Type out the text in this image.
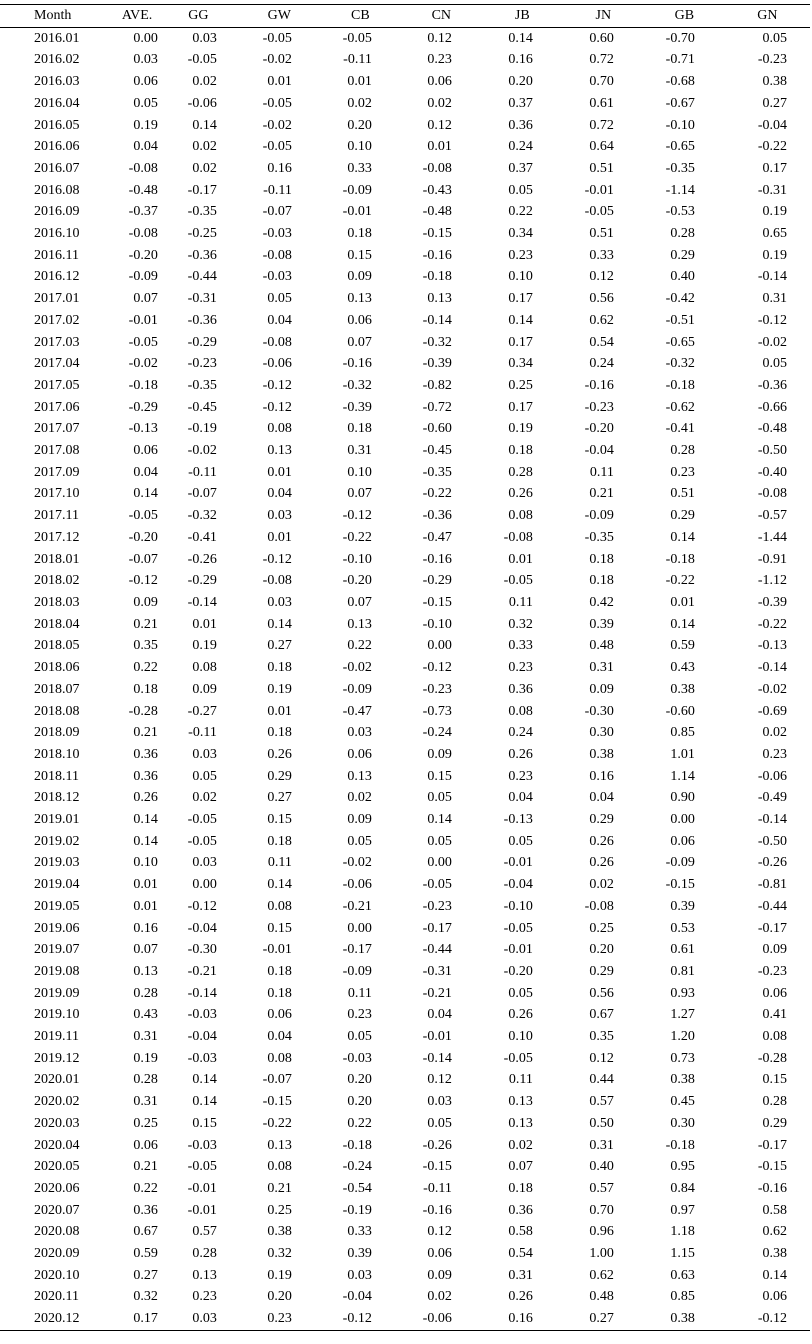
Month	AVE.	GG	GW	CB	CN	JB	JN	GB	GN
2016.01	0.00	0.03	-0.05	-0.05	0.12	0.14	0.60	-0.70	0.05
2016.02	0.03	-0.05	-0.02	-0.11	0.23	0.16	0.72	-0.71	-0.23
2016.03	0.06	0.02	0.01	0.01	0.06	0.20	0.70	-0.68	0.38
2016.04	0.05	-0.06	-0.05	0.02	0.02	0.37	0.61	-0.67	0.27
2016.05	0.19	0.14	-0.02	0.20	0.12	0.36	0.72	-0.10	-0.04
2016.06	0.04	0.02	-0.05	0.10	0.01	0.24	0.64	-0.65	-0.22
2016.07	-0.08	0.02	0.16	0.33	-0.08	0.37	0.51	-0.35	0.17
2016.08	-0.48	-0.17	-0.11	-0.09	-0.43	0.05	-0.01	-1.14	-0.31
2016.09	-0.37	-0.35	-0.07	-0.01	-0.48	0.22	-0.05	-0.53	0.19
2016.10	-0.08	-0.25	-0.03	0.18	-0.15	0.34	0.51	0.28	0.65
2016.11	-0.20	-0.36	-0.08	0.15	-0.16	0.23	0.33	0.29	0.19
2016.12	-0.09	-0.44	-0.03	0.09	-0.18	0.10	0.12	0.40	-0.14
2017.01	0.07	-0.31	0.05	0.13	0.13	0.17	0.56	-0.42	0.31
2017.02	-0.01	-0.36	0.04	0.06	-0.14	0.14	0.62	-0.51	-0.12
2017.03	-0.05	-0.29	-0.08	0.07	-0.32	0.17	0.54	-0.65	-0.02
2017.04	-0.02	-0.23	-0.06	-0.16	-0.39	0.34	0.24	-0.32	0.05
2017.05	-0.18	-0.35	-0.12	-0.32	-0.82	0.25	-0.16	-0.18	-0.36
2017.06	-0.29	-0.45	-0.12	-0.39	-0.72	0.17	-0.23	-0.62	-0.66
2017.07	-0.13	-0.19	0.08	0.18	-0.60	0.19	-0.20	-0.41	-0.48
2017.08	0.06	-0.02	0.13	0.31	-0.45	0.18	-0.04	0.28	-0.50
2017.09	0.04	-0.11	0.01	0.10	-0.35	0.28	0.11	0.23	-0.40
2017.10	0.14	-0.07	0.04	0.07	-0.22	0.26	0.21	0.51	-0.08
2017.11	-0.05	-0.32	0.03	-0.12	-0.36	0.08	-0.09	0.29	-0.57
2017.12	-0.20	-0.41	0.01	-0.22	-0.47	-0.08	-0.35	0.14	-1.44
2018.01	-0.07	-0.26	-0.12	-0.10	-0.16	0.01	0.18	-0.18	-0.91
2018.02	-0.12	-0.29	-0.08	-0.20	-0.29	-0.05	0.18	-0.22	-1.12
2018.03	0.09	-0.14	0.03	0.07	-0.15	0.11	0.42	0.01	-0.39
2018.04	0.21	0.01	0.14	0.13	-0.10	0.32	0.39	0.14	-0.22
2018.05	0.35	0.19	0.27	0.22	0.00	0.33	0.48	0.59	-0.13
2018.06	0.22	0.08	0.18	-0.02	-0.12	0.23	0.31	0.43	-0.14
2018.07	0.18	0.09	0.19	-0.09	-0.23	0.36	0.09	0.38	-0.02
2018.08	-0.28	-0.27	0.01	-0.47	-0.73	0.08	-0.30	-0.60	-0.69
2018.09	0.21	-0.11	0.18	0.03	-0.24	0.24	0.30	0.85	0.02
2018.10	0.36	0.03	0.26	0.06	0.09	0.26	0.38	1.01	0.23
2018.11	0.36	0.05	0.29	0.13	0.15	0.23	0.16	1.14	-0.06
2018.12	0.26	0.02	0.27	0.02	0.05	0.04	0.04	0.90	-0.49
2019.01	0.14	-0.05	0.15	0.09	0.14	-0.13	0.29	0.00	-0.14
2019.02	0.14	-0.05	0.18	0.05	0.05	0.05	0.26	0.06	-0.50
2019.03	0.10	0.03	0.11	-0.02	0.00	-0.01	0.26	-0.09	-0.26
2019.04	0.01	0.00	0.14	-0.06	-0.05	-0.04	0.02	-0.15	-0.81
2019.05	0.01	-0.12	0.08	-0.21	-0.23	-0.10	-0.08	0.39	-0.44
2019.06	0.16	-0.04	0.15	0.00	-0.17	-0.05	0.25	0.53	-0.17
2019.07	0.07	-0.30	-0.01	-0.17	-0.44	-0.01	0.20	0.61	0.09
2019.08	0.13	-0.21	0.18	-0.09	-0.31	-0.20	0.29	0.81	-0.23
2019.09	0.28	-0.14	0.18	0.11	-0.21	0.05	0.56	0.93	0.06
2019.10	0.43	-0.03	0.06	0.23	0.04	0.26	0.67	1.27	0.41
2019.11	0.31	-0.04	0.04	0.05	-0.01	0.10	0.35	1.20	0.08
2019.12	0.19	-0.03	0.08	-0.03	-0.14	-0.05	0.12	0.73	-0.28
2020.01	0.28	0.14	-0.07	0.20	0.12	0.11	0.44	0.38	0.15
2020.02	0.31	0.14	-0.15	0.20	0.03	0.13	0.57	0.45	0.28
2020.03	0.25	0.15	-0.22	0.22	0.05	0.13	0.50	0.30	0.29
2020.04	0.06	-0.03	0.13	-0.18	-0.26	0.02	0.31	-0.18	-0.17
2020.05	0.21	-0.05	0.08	-0.24	-0.15	0.07	0.40	0.95	-0.15
2020.06	0.22	-0.01	0.21	-0.54	-0.11	0.18	0.57	0.84	-0.16
2020.07	0.36	-0.01	0.25	-0.19	-0.16	0.36	0.70	0.97	0.58
2020.08	0.67	0.57	0.38	0.33	0.12	0.58	0.96	1.18	0.62
2020.09	0.59	0.28	0.32	0.39	0.06	0.54	1.00	1.15	0.38
2020.10	0.27	0.13	0.19	0.03	0.09	0.31	0.62	0.63	0.14
2020.11	0.32	0.23	0.20	-0.04	0.02	0.26	0.48	0.85	0.06
2020.12	0.17	0.03	0.23	-0.12	-0.06	0.16	0.27	0.38	-0.12
